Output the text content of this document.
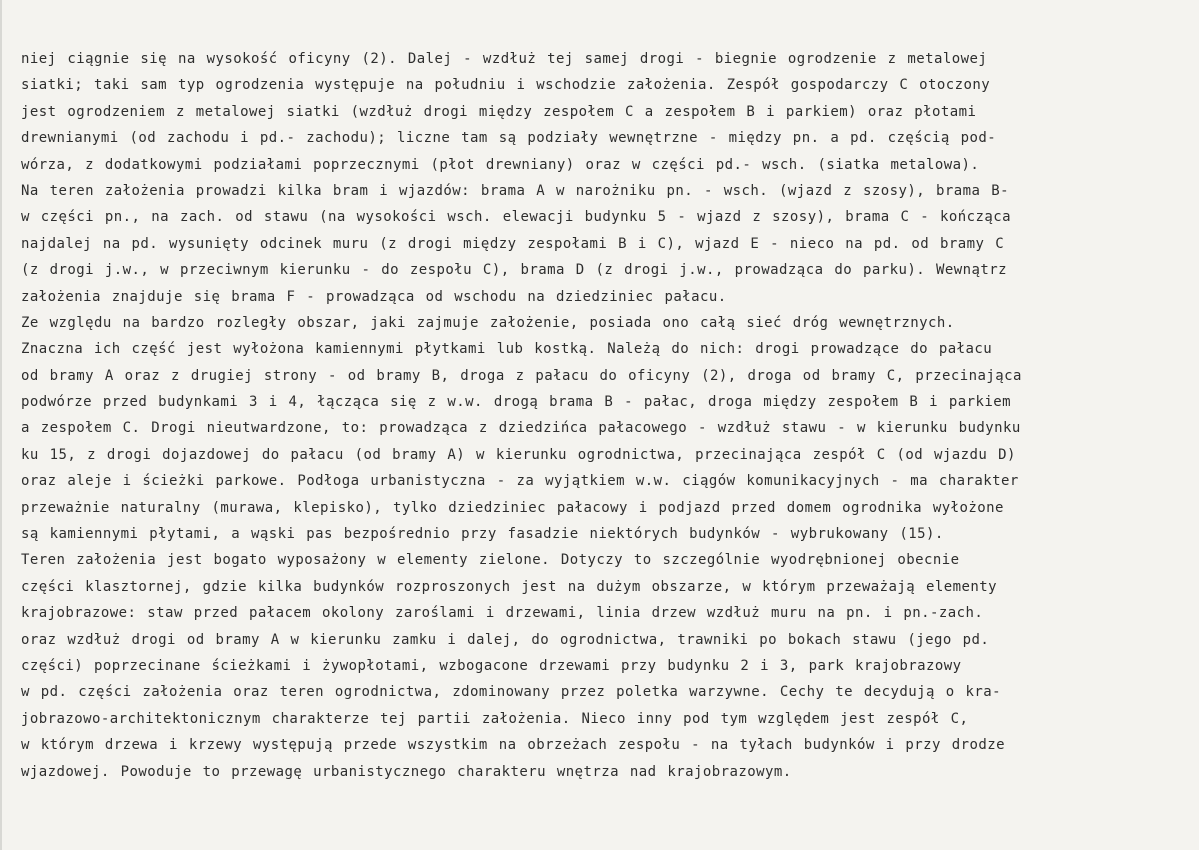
niej ciągnie się na wysokość oficyny (2). Dalej - wzdłuż tej samej drogi - biegnie ogrodzenie z metalowej
siatki; taki sam typ ogrodzenia występuje na południu i wschodzie założenia. Zespół gospodarczy C otoczony
jest ogrodzeniem z metalowej siatki (wzdłuż drogi między zespołem C a zespołem B i parkiem) oraz płotami
drewnianymi (od zachodu i pd.- zachodu); liczne tam są podziały wewnętrzne - między pn. a pd. częścią pod-
wórza, z dodatkowymi podziałami poprzecznymi (płot drewniany) oraz w części pd.- wsch. (siatka metalowa).
Na teren założenia prowadzi kilka bram i wjazdów: brama A w narożniku pn. - wsch. (wjazd z szosy), brama B-
w części pn., na zach. od stawu (na wysokości wsch. elewacji budynku 5 - wjazd z szosy), brama C - kończąca
najdalej na pd. wysunięty odcinek muru (z drogi między zespołami B i C), wjazd E - nieco na pd. od bramy C
(z drogi j.w., w przeciwnym kierunku - do zespołu C), brama D (z drogi j.w., prowadząca do parku). Wewnątrz
założenia znajduje się brama F - prowadząca od wschodu na dziedziniec pałacu.
Ze względu na bardzo rozległy obszar, jaki zajmuje założenie, posiada ono całą sieć dróg wewnętrznych.
Znaczna ich część jest wyłożona kamiennymi płytkami lub kostką. Należą do nich: drogi prowadzące do pałacu
od bramy A oraz z drugiej strony - od bramy B, droga z pałacu do oficyny (2), droga od bramy C, przecinająca
podwórze przed budynkami 3 i 4, łącząca się z w.w. drogą brama B - pałac, droga między zespołem B i parkiem
a zespołem C. Drogi nieutwardzone, to: prowadząca z dziedzińca pałacowego - wzdłuż stawu - w kierunku budynku
ku 15, z drogi dojazdowej do pałacu (od bramy A) w kierunku ogrodnictwa, przecinająca zespół C (od wjazdu D)
oraz aleje i ścieżki parkowe. Podłoga urbanistyczna - za wyjątkiem w.w. ciągów komunikacyjnych - ma charakter
przeważnie naturalny (murawa, klepisko), tylko dziedziniec pałacowy i podjazd przed domem ogrodnika wyłożone
są kamiennymi płytami, a wąski pas bezpośrednio przy fasadzie niektórych budynków - wybrukowany (15).
Teren założenia jest bogato wyposażony w elementy zielone. Dotyczy to szczególnie wyodrębnionej obecnie
części klasztornej, gdzie kilka budynków rozproszonych jest na dużym obszarze, w którym przeważają elementy
krajobrazowe: staw przed pałacem okolony zaroślami i drzewami, linia drzew wzdłuż muru na pn. i pn.-zach.
oraz wzdłuż drogi od bramy A w kierunku zamku i dalej, do ogrodnictwa, trawniki po bokach stawu (jego pd.
części) poprzecinane ścieżkami i żywopłotami, wzbogacone drzewami przy budynku 2 i 3, park krajobrazowy
w pd. części założenia oraz teren ogrodnictwa, zdominowany przez poletka warzywne. Cechy te decydują o kra-
jobrazowo-architektonicznym charakterze tej partii założenia. Nieco inny pod tym względem jest zespół C,
w którym drzewa i krzewy występują przede wszystkim na obrzeżach zespołu - na tyłach budynków i przy drodze
wjazdowej. Powoduje to przewagę urbanistycznego charakteru wnętrza nad krajobrazowym.
